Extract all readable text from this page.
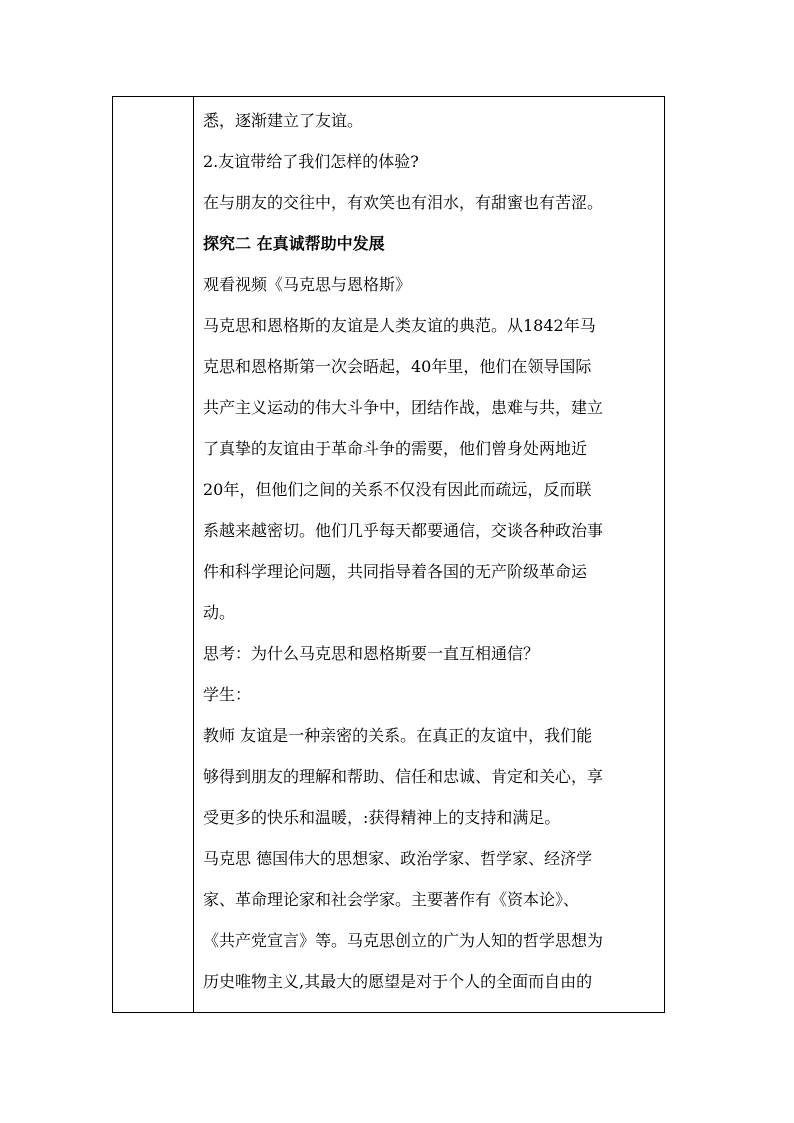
悉，逐渐建立了友谊。
2.友谊带给了我们怎样的体验?
在与朋友的交往中，有欢笑也有泪水，有甜蜜也有苦涩。
探究二 在真诚帮助中发展
观看视频《马克思与恩格斯》
马克思和恩格斯的友谊是人类友谊的典范。从1842年马
克思和恩格斯第一次会晤起，40年里，他们在领导国际
共产主义运动的伟大斗争中，团结作战，患难与共，建立
了真挚的友谊由于革命斗争的需要，他们曾身处两地近
20年，但他们之间的关系不仅没有因此而疏远，反而联
系越来越密切。他们几乎每天都要通信，交谈各种政治事
件和科学理论问题，共同指导着各国的无产阶级革命运
动。
思考：为什么马克思和恩格斯要一直互相通信？
学生：
教师 友谊是一种亲密的关系。在真正的友谊中，我们能
够得到朋友的理解和帮助、信任和忠诚、肯定和关心，享
受更多的快乐和温暖，:获得精神上的支持和满足。
马克思 德国伟大的思想家、政治学家、哲学家、经济学
家、革命理论家和社会学家。主要著作有《资本论》、
《共产党宣言》等。马克思创立的广为人知的哲学思想为
历史唯物主义,其最大的愿望是对于个人的全面而自由的
